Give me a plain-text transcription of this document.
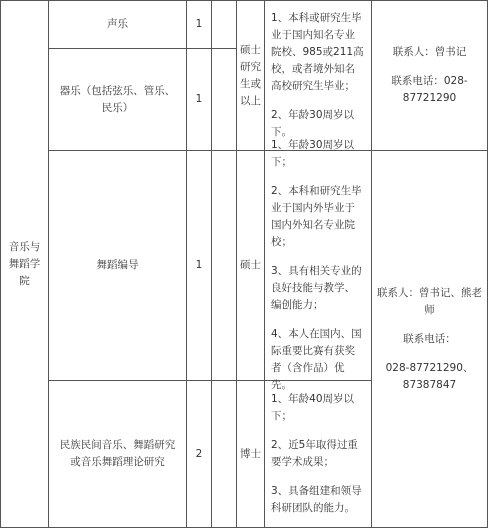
音乐与舞蹈学院
声乐	1
器乐（包括弦乐、管乐、民乐）
1
舞蹈编导	1
民族民间音乐、舞蹈研究或音乐舞蹈理论研究
2
硕士研究生或以上

1、本科或研究生毕业于国内知名专业院校、985或211高校，或者境外知名高校研究生毕业；

2、年龄30周岁以下。

联系人：曾书记

联系电话：028-87721290

硕士

1、年龄30周岁以下；

2、本科和研究生毕业于国内外毕业于国内外知名专业院校；

3、具有相关专业的良好技能与教学、编创能力；

4、本人在国内、国际重要比赛有获奖者（含作品）优先。

联系人：曾书记、熊老师

联系电话：

028-87721290、87387847

博士

1、年龄40周岁以下；

2、近5年取得过重要学术成果；

3、具备组建和领导科研团队的能力。
